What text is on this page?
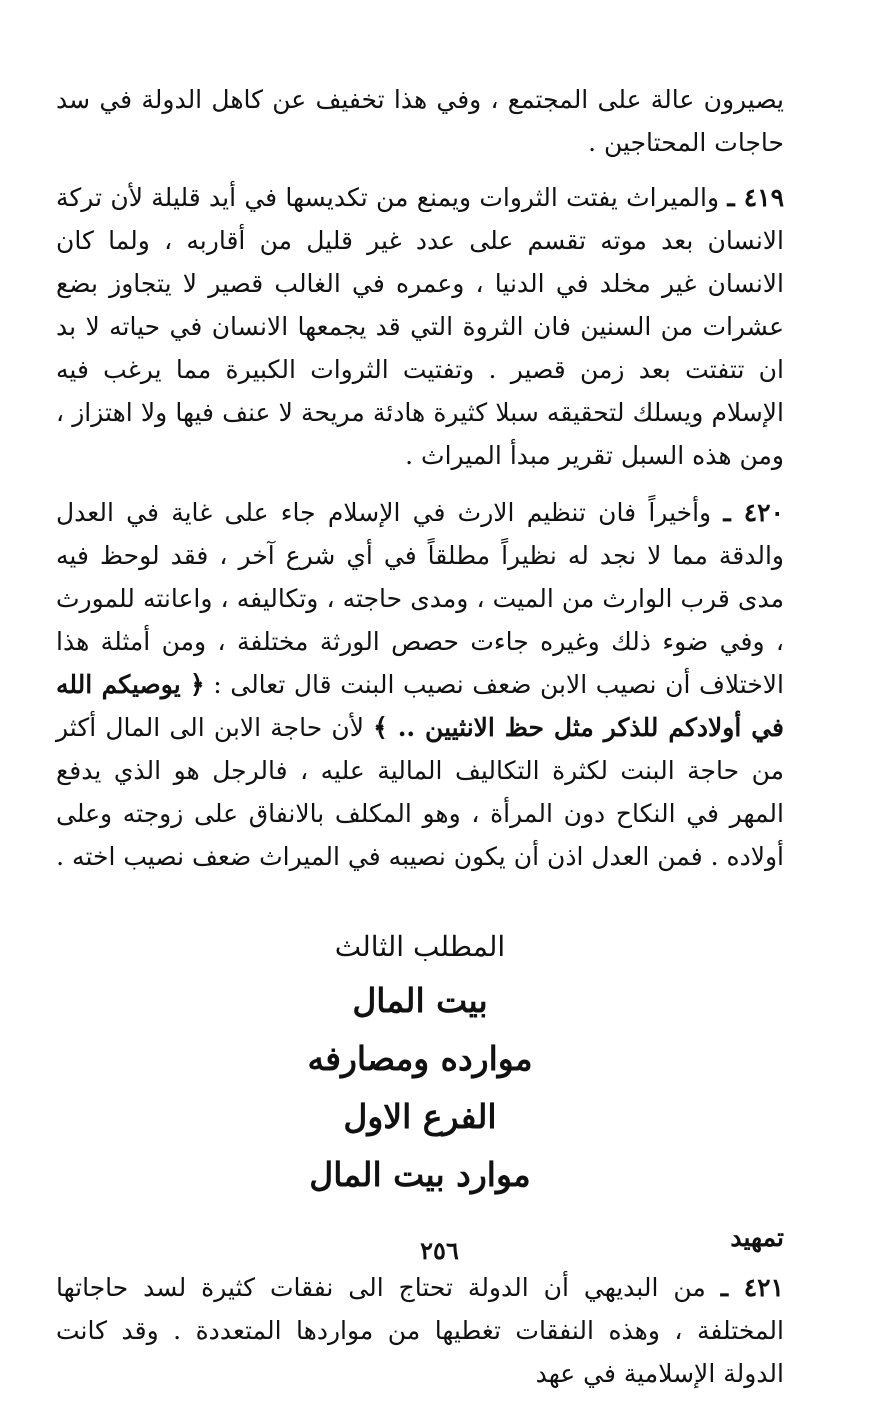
يصيرون عالة على المجتمع ، وفي هذا تخفيف عن كاهل الدولة في سد حاجات المحتاجين .

٤١٩ ـ والميراث يفتت الثروات ويمنع من تكديسها في أيد قليلة لأن تركة الانسان بعد موته تقسم على عدد غير قليل من أقاربه ، ولما كان الانسان غير مخلد في الدنيا ، وعمره في الغالب قصير لا يتجاوز بضع عشرات من السنين فان الثروة التي قد يجمعها الانسان في حياته لا بد ان تتفتت بعد زمن قصير . وتفتيت الثروات الكبيرة مما يرغب فيه الإسلام ويسلك لتحقيقه سبلا كثيرة هادئة مريحة لا عنف فيها ولا اهتزاز ، ومن هذه السبل تقرير مبدأ الميراث .

٤٢٠ ـ وأخيراً فان تنظيم الارث في الإسلام جاء على غاية في العدل والدقة مما لا نجد له نظيراً مطلقاً في أي شرع آخر ، فقد لوحظ فيه مدى قرب الوارث من الميت ، ومدى حاجته ، وتكاليفه ، واعانته للمورث ، وفي ضوء ذلك وغيره جاءت حصص الورثة مختلفة ، ومن أمثلة هذا الاختلاف أن نصيب الابن ضعف نصيب البنت قال تعالى : ﴿ يوصيكم الله في أولادكم للذكر مثل حظ الانثيين .. ﴾ لأن حاجة الابن الى المال أكثر من حاجة البنت لكثرة التكاليف المالية عليه ، فالرجل هو الذي يدفع المهر في النكاح دون المرأة ، وهو المكلف بالانفاق على زوجته وعلى أولاده . فمن العدل اذن أن يكون نصيبه في الميراث ضعف نصيب اخته .

المطلب الثالث
بيت المال
موارده ومصارفه
الفرع الاول
موارد بيت المال
تمهيد

٤٢١ ـ من البديهي أن الدولة تحتاج الى نفقات كثيرة لسد حاجاتها المختلفة ، وهذه النفقات تغطيها من مواردها المتعددة . وقد كانت الدولة الإسلامية في عهد

٢٥٦
